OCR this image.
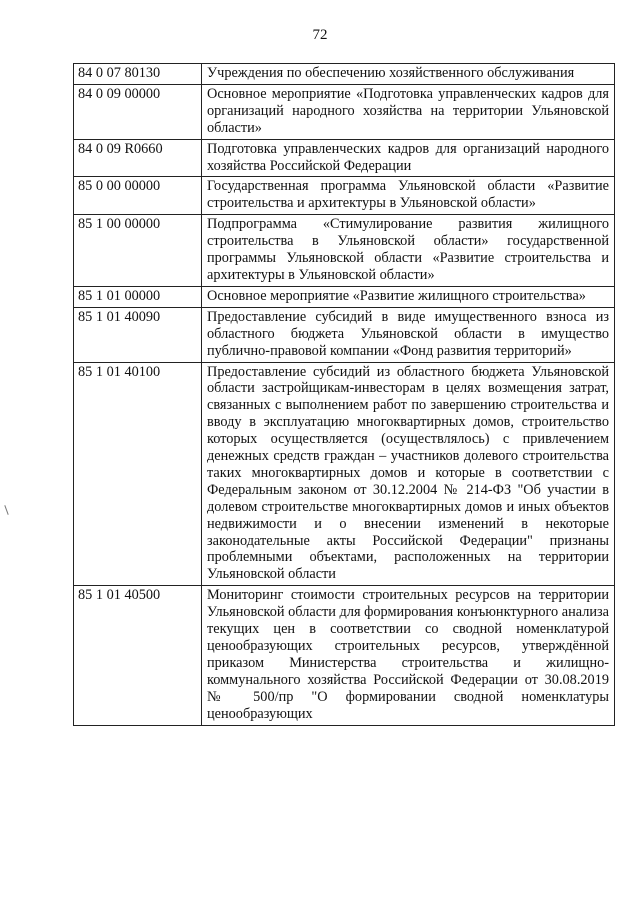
72
84 0 07 80130	Учреждения по обеспечению хозяйственного обслуживания
84 0 09 00000	Основное мероприятие «Подготовка управленческих кадров для организаций народного хозяйства на территории Ульяновской области»
84 0 09 R0660	Подготовка управленческих кадров для организаций народного хозяйства Российской Федерации
85 0 00 00000	Государственная программа Ульяновской области «Развитие строительства и архитектуры в Ульяновской области»
85 1 00 00000	Подпрограмма «Стимулирование развития жилищного строительства в Ульяновской области» государственной программы Ульяновской области «Развитие строительства и архитектуры в Ульяновской области»
85 1 01 00000	Основное мероприятие «Развитие жилищного строительства»
85 1 01 40090	Предоставление субсидий в виде имущественного взноса из областного бюджета Ульяновской области в имущество публично-правовой компании «Фонд развития территорий»
85 1 01 40100	Предоставление субсидий из областного бюджета Ульяновской области застройщикам-инвесторам в целях возмещения затрат, связанных с выполнением работ по завершению строительства и вводу в эксплуатацию многоквартирных домов, строительство которых осуществляется (осуществлялось) с привлечением денежных средств граждан – участников долевого строительства таких многоквартирных домов и которые в соответствии с Федеральным законом от 30.12.2004 № 214-ФЗ "Об участии в долевом строительстве многоквартирных домов и иных объектов недвижимости и о внесении изменений в некоторые законодательные акты Российской Федерации" признаны проблемными объектами, расположенных на территории Ульяновской области
85 1 01 40500	Мониторинг стоимости строительных ресурсов на территории Ульяновской области для формирования конъюнктурного анализа текущих цен в соответствии со сводной номенклатурой ценообразующих строительных ресурсов, утверждённой приказом Министерства строительства и жилищно-коммунального хозяйства Российской Федерации от 30.08.2019 № 500/пр "О формировании сводной номенклатуры ценообразующих
